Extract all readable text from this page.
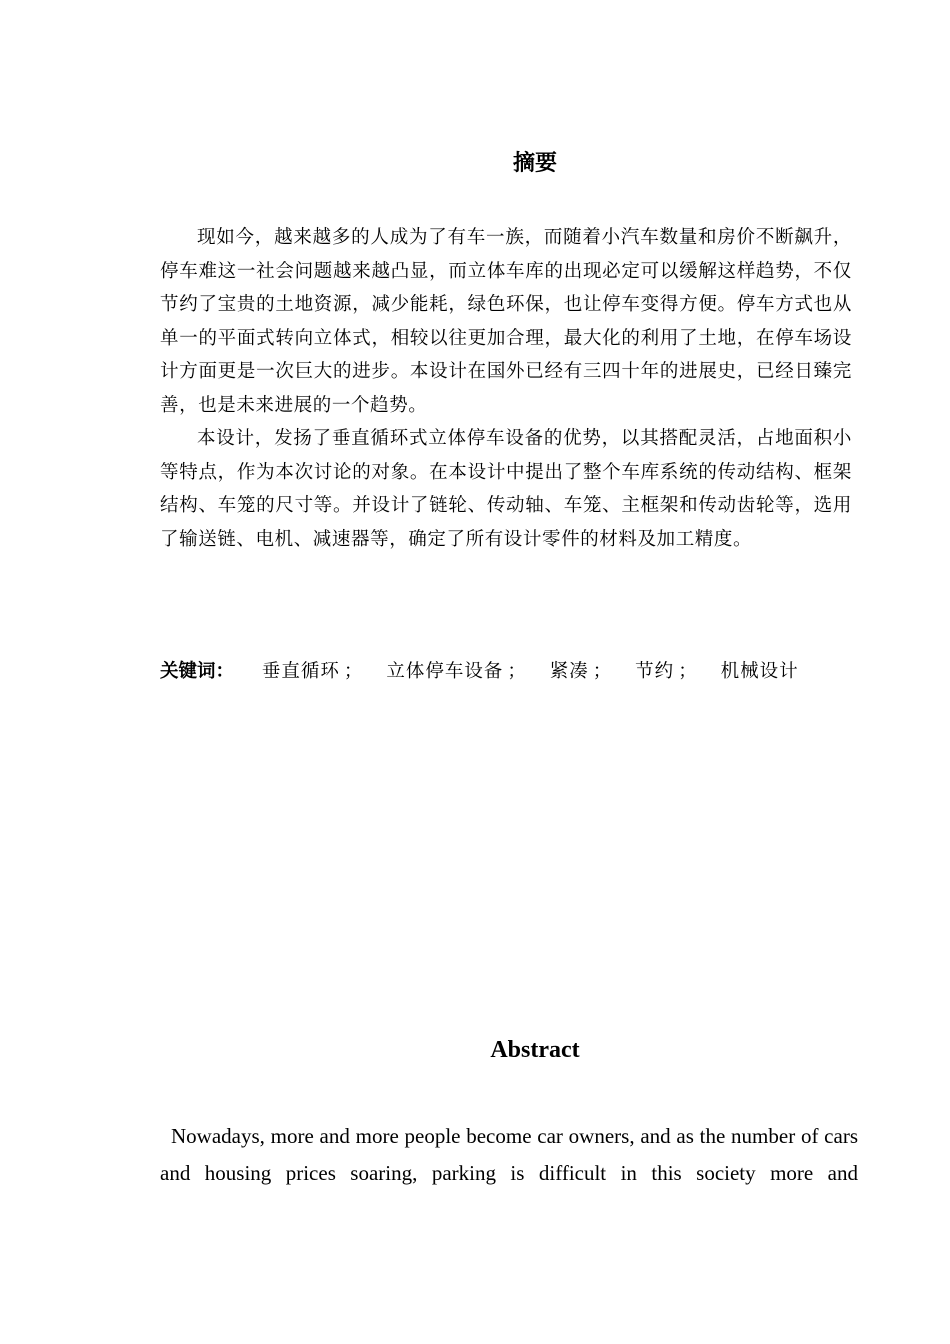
摘要

现如今，越来越多的人成为了有车一族，而随着小汽车数量和房价不断飙升，停车难这一社会问题越来越凸显，而立体车库的出现必定可以缓解这样趋势，不仅节约了宝贵的土地资源，减少能耗，绿色环保，也让停车变得方便。停车方式也从单一的平面式转向立体式，相较以往更加合理，最大化的利用了土地，在停车场设计方面更是一次巨大的进步。本设计在国外已经有三四十年的进展史，已经日臻完善，也是未来进展的一个趋势。

本设计，发扬了垂直循环式立体停车设备的优势，以其搭配灵活，占地面积小等特点，作为本次讨论的对象。在本设计中提出了整个车库系统的传动结构、框架结构、车笼的尺寸等。并设计了链轮、传动轴、车笼、主框架和传动齿轮等，选用了输送链、电机、减速器等，确定了所有设计零件的材料及加工精度。

关键词： 垂直循环 ； 立体停车设备 ； 紧凑 ； 节约 ； 机械设计
Abstract

Nowadays, more and more people become car owners, and as the number of cars and housing prices soaring, parking is difficult in this society more and
